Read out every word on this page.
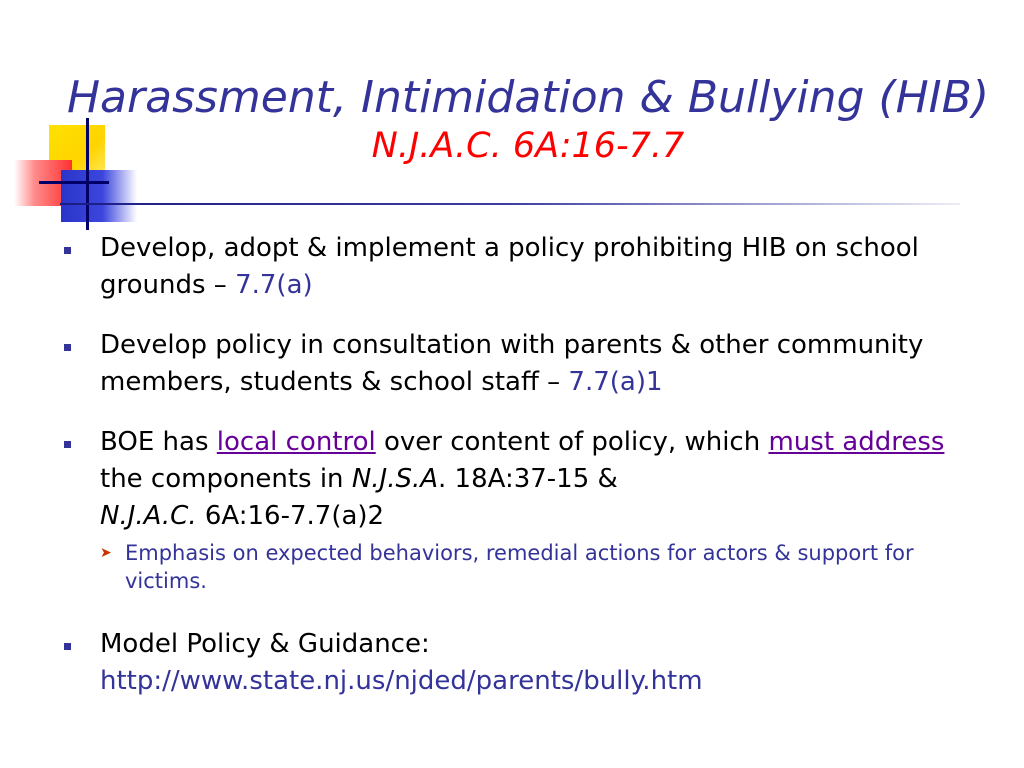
Harassment, Intimidation & Bullying (HIB)
N.J.A.C. 6A:16-7.7
Develop, adopt & implement a policy prohibiting HIB on school grounds – 7.7(a)
Develop policy in consultation with parents & other community members, students & school staff – 7.7(a)1
BOE has local control over content of policy, which must address the components in N.J.S.A. 18A:37-15 &
N.J.A.C. 6A:16-7.7(a)2
➤ Emphasis on expected behaviors, remedial actions for actors & support for victims.
Model Policy & Guidance:
http://www.state.nj.us/njded/parents/bully.htm
